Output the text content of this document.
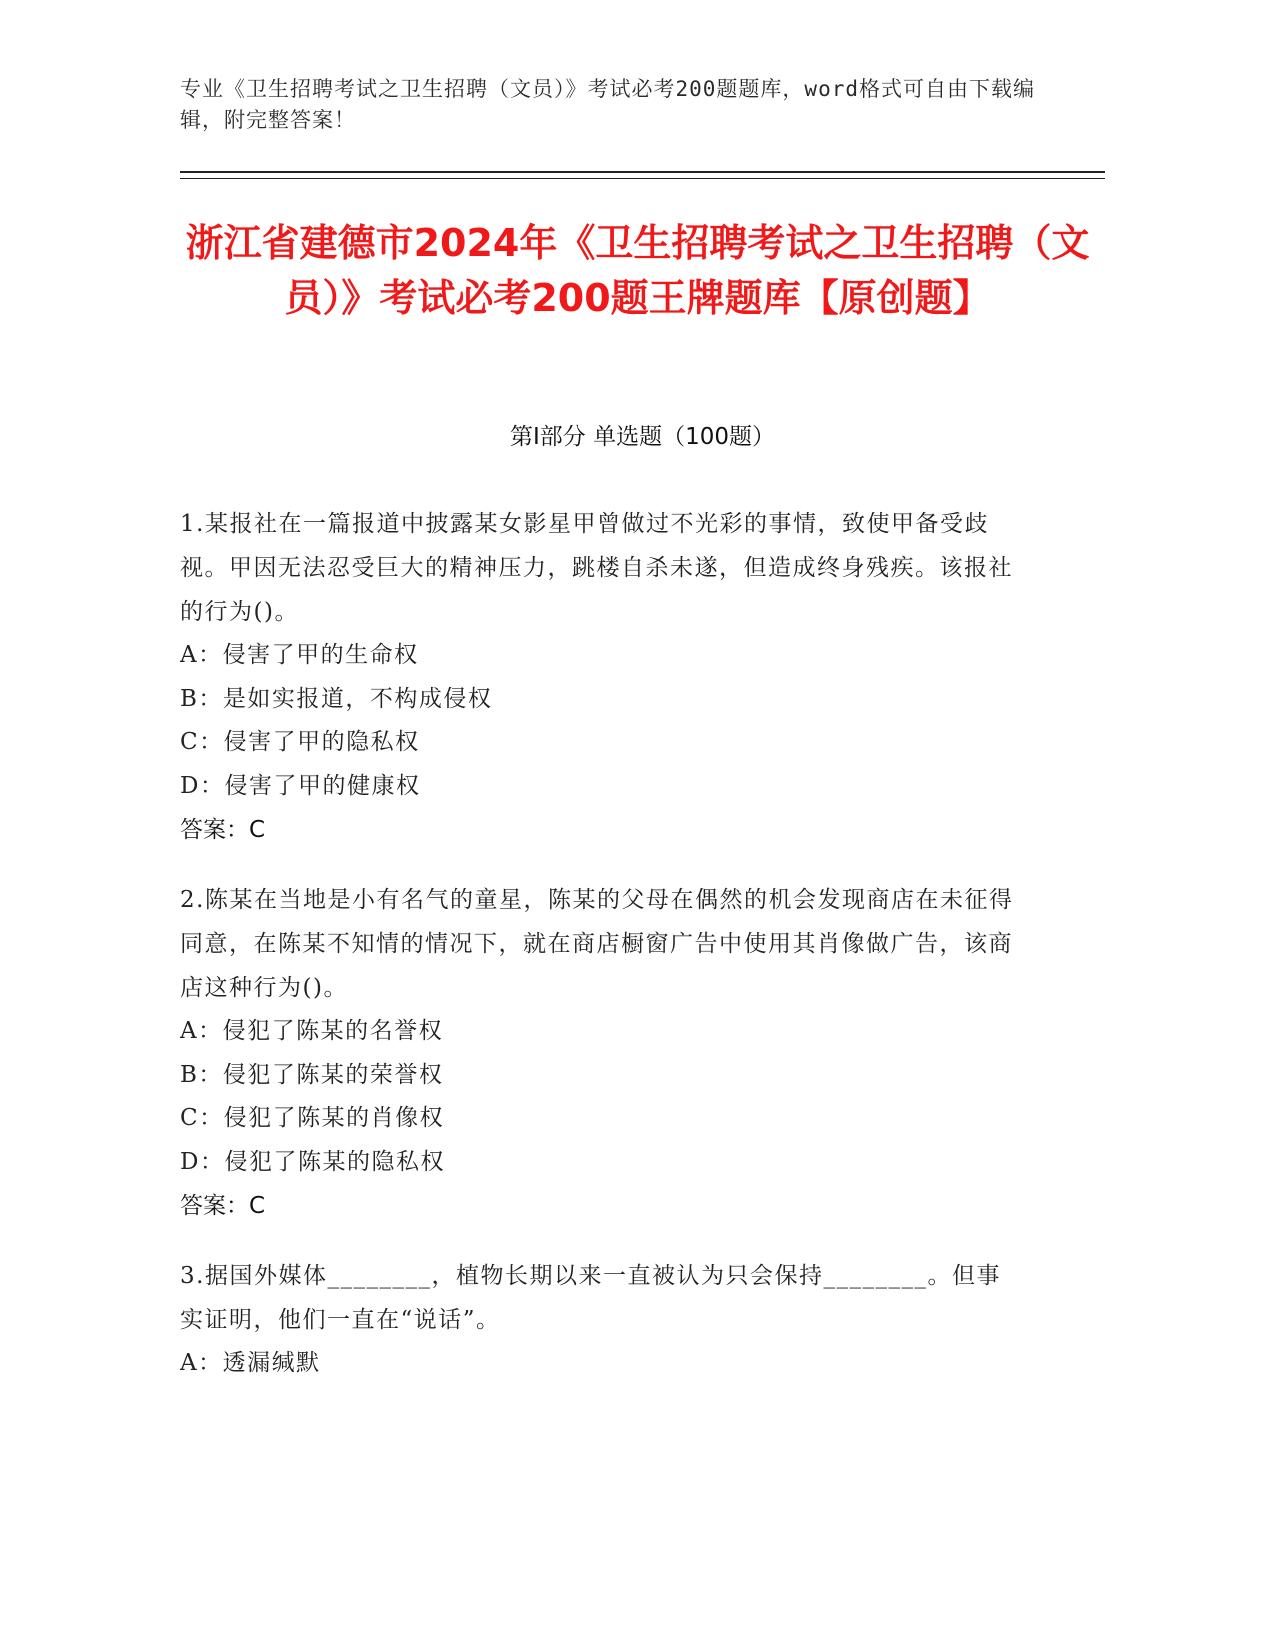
专业《卫生招聘考试之卫生招聘（文员）》考试必考200题题库，word格式可自由下载编辑，附完整答案！
浙江省建德市2024年《卫生招聘考试之卫生招聘（文员）》考试必考200题王牌题库【原创题】
第Ⅰ部分 单选题（100题）
1.某报社在一篇报道中披露某女影星甲曾做过不光彩的事情，致使甲备受歧视。甲因无法忍受巨大的精神压力，跳楼自杀未遂，但造成终身残疾。该报社的行为()。
A：侵害了甲的生命权
B：是如实报道，不构成侵权
C：侵害了甲的隐私权
D：侵害了甲的健康权
答案：C
2.陈某在当地是小有名气的童星，陈某的父母在偶然的机会发现商店在未征得同意，在陈某不知情的情况下，就在商店橱窗广告中使用其肖像做广告，该商店这种行为()。
A：侵犯了陈某的名誉权
B：侵犯了陈某的荣誉权
C：侵犯了陈某的肖像权
D：侵犯了陈某的隐私权
答案：C
3.据国外媒体________，植物长期以来一直被认为只会保持________。但事实证明，他们一直在“说话”。
A：透漏缄默
